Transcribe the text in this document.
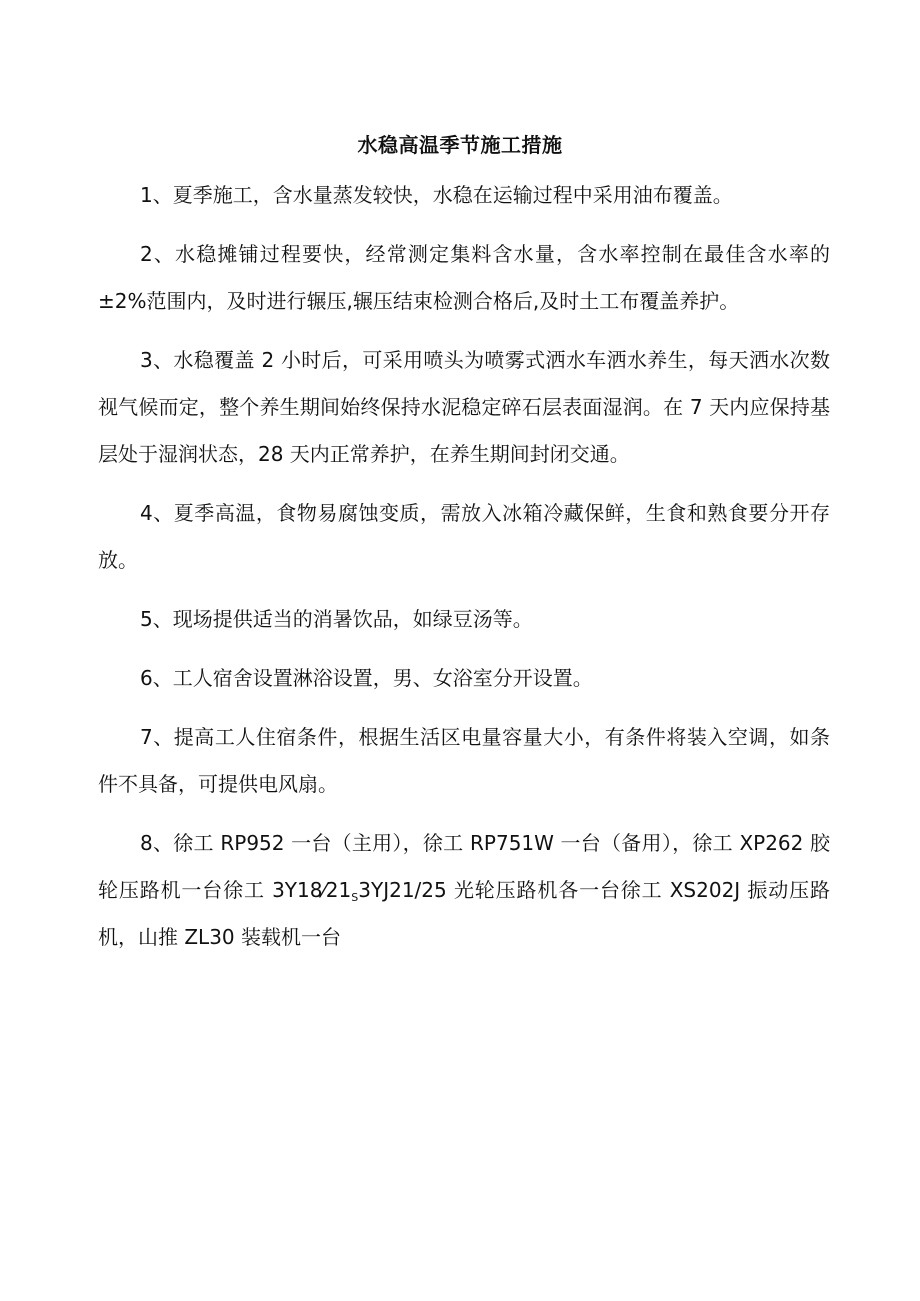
水稳高温季节施工措施

1、夏季施工，含水量蒸发较快，水稳在运输过程中采用油布覆盖。

2、水稳摊铺过程要快，经常测定集料含水量，含水率控制在最佳含水率的±2%范围内，及时进行辗压,辗压结束检测合格后,及时土工布覆盖养护。

3、水稳覆盖 2 小时后，可采用喷头为喷雾式洒水车洒水养生，每天洒水次数视气候而定，整个养生期间始终保持水泥稳定碎石层表面湿润。在 7 天内应保持基层处于湿润状态，28 天内正常养护，在养生期间封闭交通。

4、夏季高温，食物易腐蚀变质，需放入冰箱冷藏保鲜，生食和熟食要分开存放。

5、现场提供适当的消暑饮品，如绿豆汤等。

6、工人宿舍设置淋浴设置，男、女浴室分开设置。

7、提高工人住宿条件，根据生活区电量容量大小，有条件将装入空调，如条件不具备，可提供电风扇。

8、徐工 RP952 一台（主用），徐工 RP751W 一台（备用），徐工 XP262 胶轮压路机一台徐工 $3Y18⁄21_S3YJ21/25$ 光轮压路机各一台徐工 XS202J 振动压路机，山推 ZL30 装载机一台
